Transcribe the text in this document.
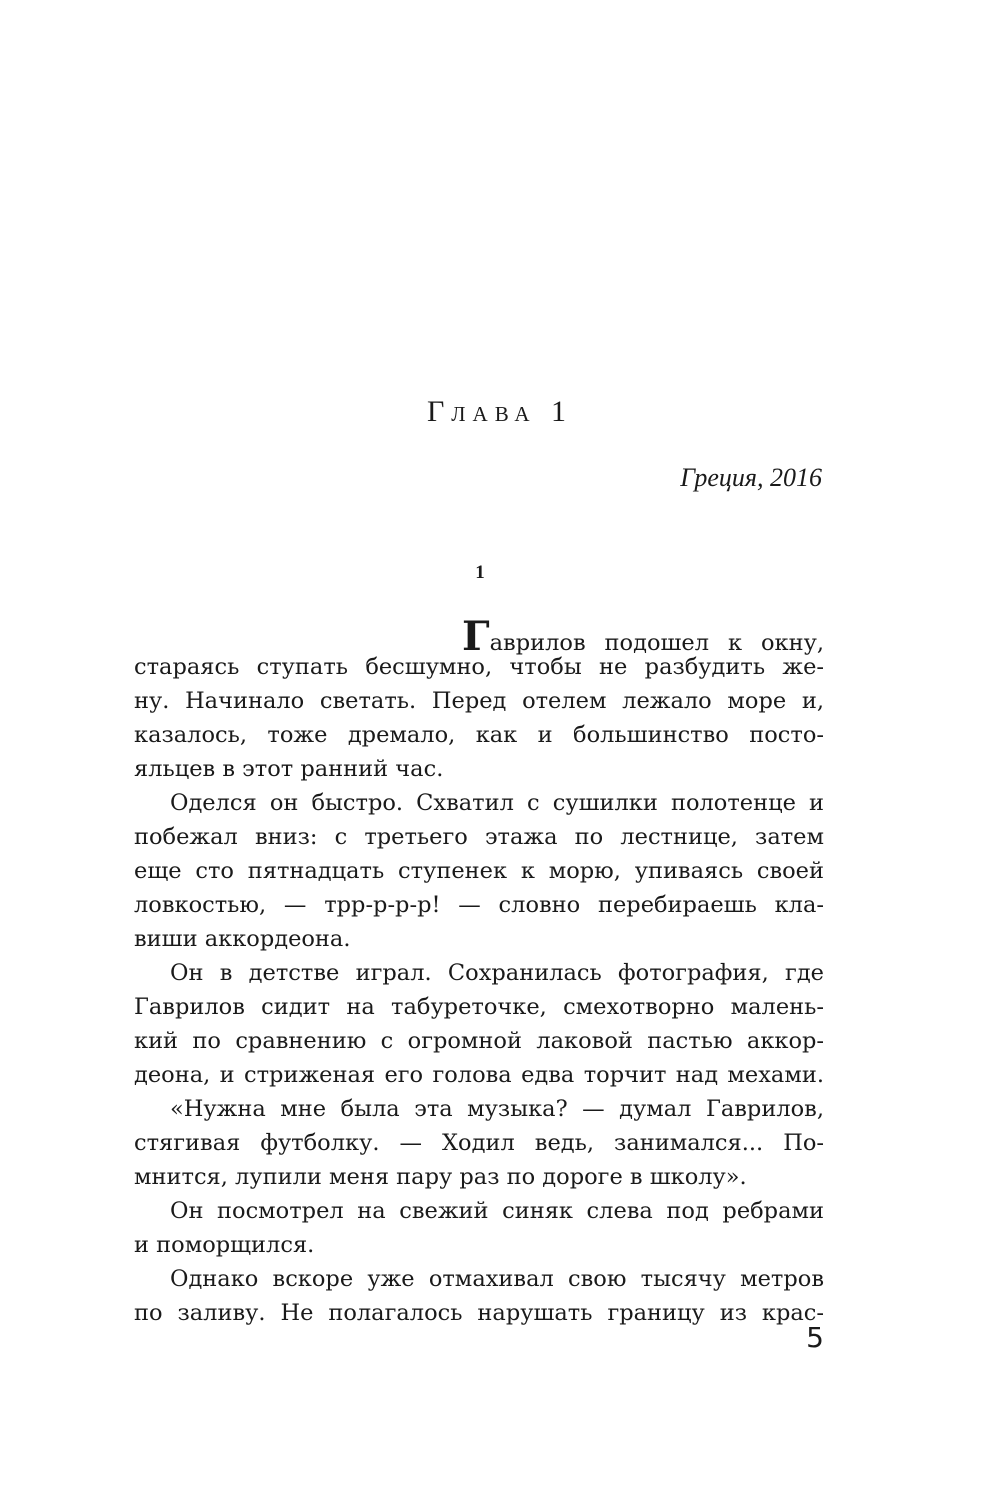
Глава 1
Греция, 2016
1
Гаврилов подошел к окну,
стараясь ступать бесшумно, чтобы не разбудить же-
ну. Начинало светать. Перед отелем лежало море и,
казалось, тоже дремало, как и большинство посто-
яльцев в этот ранний час.
Оделся он быстро. Схватил с сушилки полотенце и
побежал вниз: с третьего этажа по лестнице, затем
еще сто пятнадцать ступенек к морю, упиваясь своей
ловкостью, — трр-р-р-р! — словно перебираешь кла-
виши аккордеона.
Он в детстве играл. Сохранилась фотография, где
Гаврилов сидит на табуреточке, смехотворно малень-
кий по сравнению с огромной лаковой пастью аккор-
деона, и стриженая его голова едва торчит над мехами.
«Нужна мне была эта музыка? — думал Гаврилов,
стягивая футболку. — Ходил ведь, занимался... По-
мнится, лупили меня пару раз по дороге в школу».
Он посмотрел на свежий синяк слева под ребрами
и поморщился.
Однако вскоре уже отмахивал свою тысячу метров
по заливу. Не полагалось нарушать границу из крас-
5
